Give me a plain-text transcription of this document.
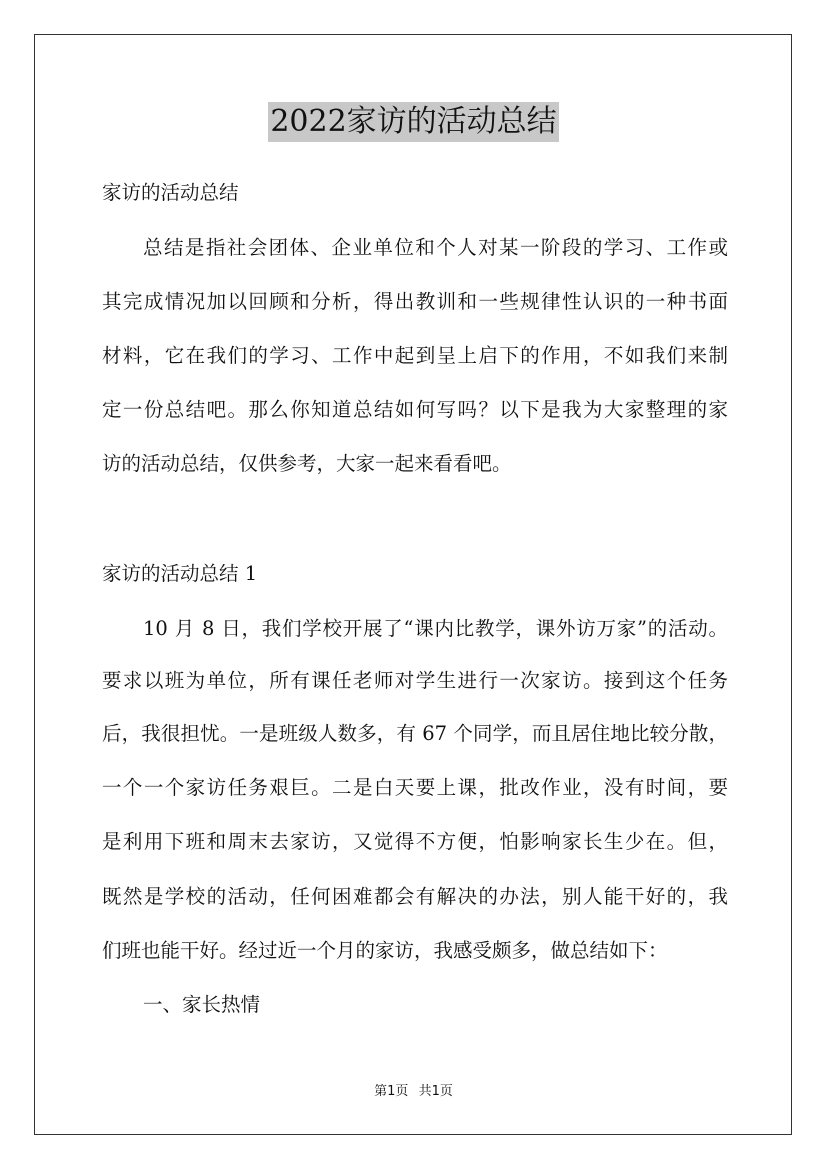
2022家访的活动总结
家访的活动总结
总结是指社会团体、企业单位和个人对某一阶段的学习、工作或
其完成情况加以回顾和分析，得出教训和一些规律性认识的一种书面
材料，它在我们的学习、工作中起到呈上启下的作用，不如我们来制
定一份总结吧。那么你知道总结如何写吗？以下是我为大家整理的家
访的活动总结，仅供参考，大家一起来看看吧。
家访的活动总结 1
10 月 8 日，我们学校开展了“课内比教学，课外访万家”的活动。
要求以班为单位，所有课任老师对学生进行一次家访。接到这个任务
后，我很担忧。一是班级人数多，有 67 个同学，而且居住地比较分散，
一个一个家访任务艰巨。二是白天要上课，批改作业，没有时间，要
是利用下班和周末去家访，又觉得不方便，怕影响家长生少在。但，
既然是学校的活动，任何困难都会有解决的办法，别人能干好的，我
们班也能干好。经过近一个月的家访，我感受颇多，做总结如下：
一、家长热情
第1页 共1页
